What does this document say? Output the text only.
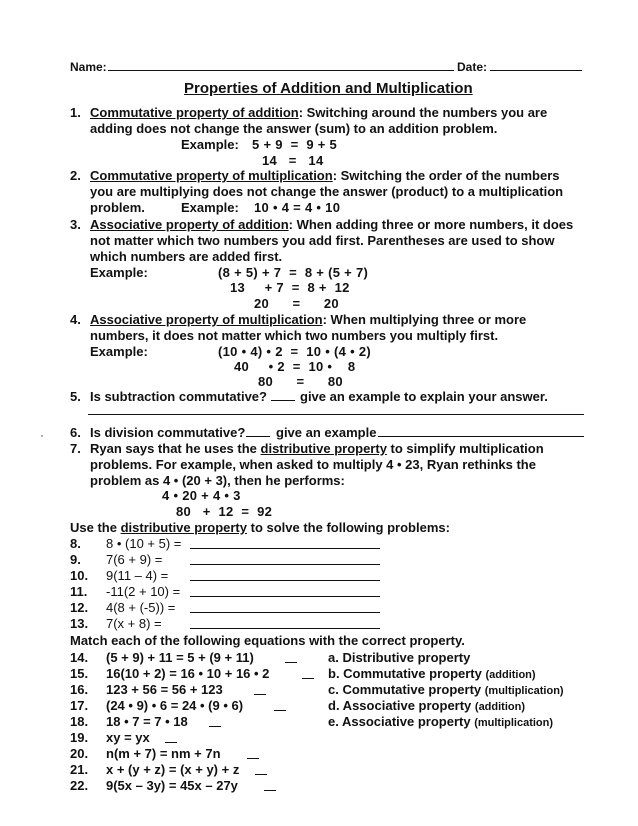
Name:	Date:
Properties of Addition and Multiplication
1. Commutative property of addition: Switching around the numbers you are
adding does not change the answer (sum) to an addition problem.
Example: 5 + 9  =  9 + 5
14   =   14
2. Commutative property of multiplication: Switching the order of the numbers
you are multiplying does not change the answer (product) to a multiplication
problem.	Example: 10 • 4 = 4 • 10
3. Associative property of addition: When adding three or more numbers, it does
not matter which two numbers you add first. Parentheses are used to show
which numbers are added first.
Example:	(8 + 5) + 7  =  8 + (5 + 7)
13     + 7  =  8 +  12
20      =      20
4. Associative property of multiplication: When multiplying three or more
numbers, it does not matter which two numbers you multiply first.
Example:	(10 • 4) • 2  =  10 • (4 • 2)
40     • 2  =  10 •    8
80      =      80
5. Is subtraction commutative?	give an example to explain your answer.
6. Is division commutative? give an example
·
7. Ryan says that he uses the distributive property to simplify multiplication
problems. For example, when asked to multiply 4 • 23, Ryan rethinks the
problem as 4 • (20 + 3), then he performs:
4 • 20 + 4 • 3
80   +  12  =  92
Use the distributive property to solve the following problems:
8. 8 • (10 + 5) =
9. 7(6 + 9) =
10. 9(11 – 4) =
11. -11(2 + 10) =
12. 4(8 + (-5)) =
13. 7(x + 8) =
Match each of the following equations with the correct property.
14. (5 + 9) + 11 = 5 + (9 + 11)
15. 16(10 + 2) = 16 • 10 + 16 • 2
16. 123 + 56 = 56 + 123
17. (24 • 9) • 6 = 24 • (9 • 6)
18. 18 • 7 = 7 • 18
19. xy = yx
20. n(m + 7) = nm + 7n
21. x + (y + z) = (x + y) + z
22. 9(5x – 3y) = 45x – 27y
a. Distributive property
b. Commutative property (addition)
c. Commutative property (multiplication)
d. Associative property (addition)
e. Associative property (multiplication)
